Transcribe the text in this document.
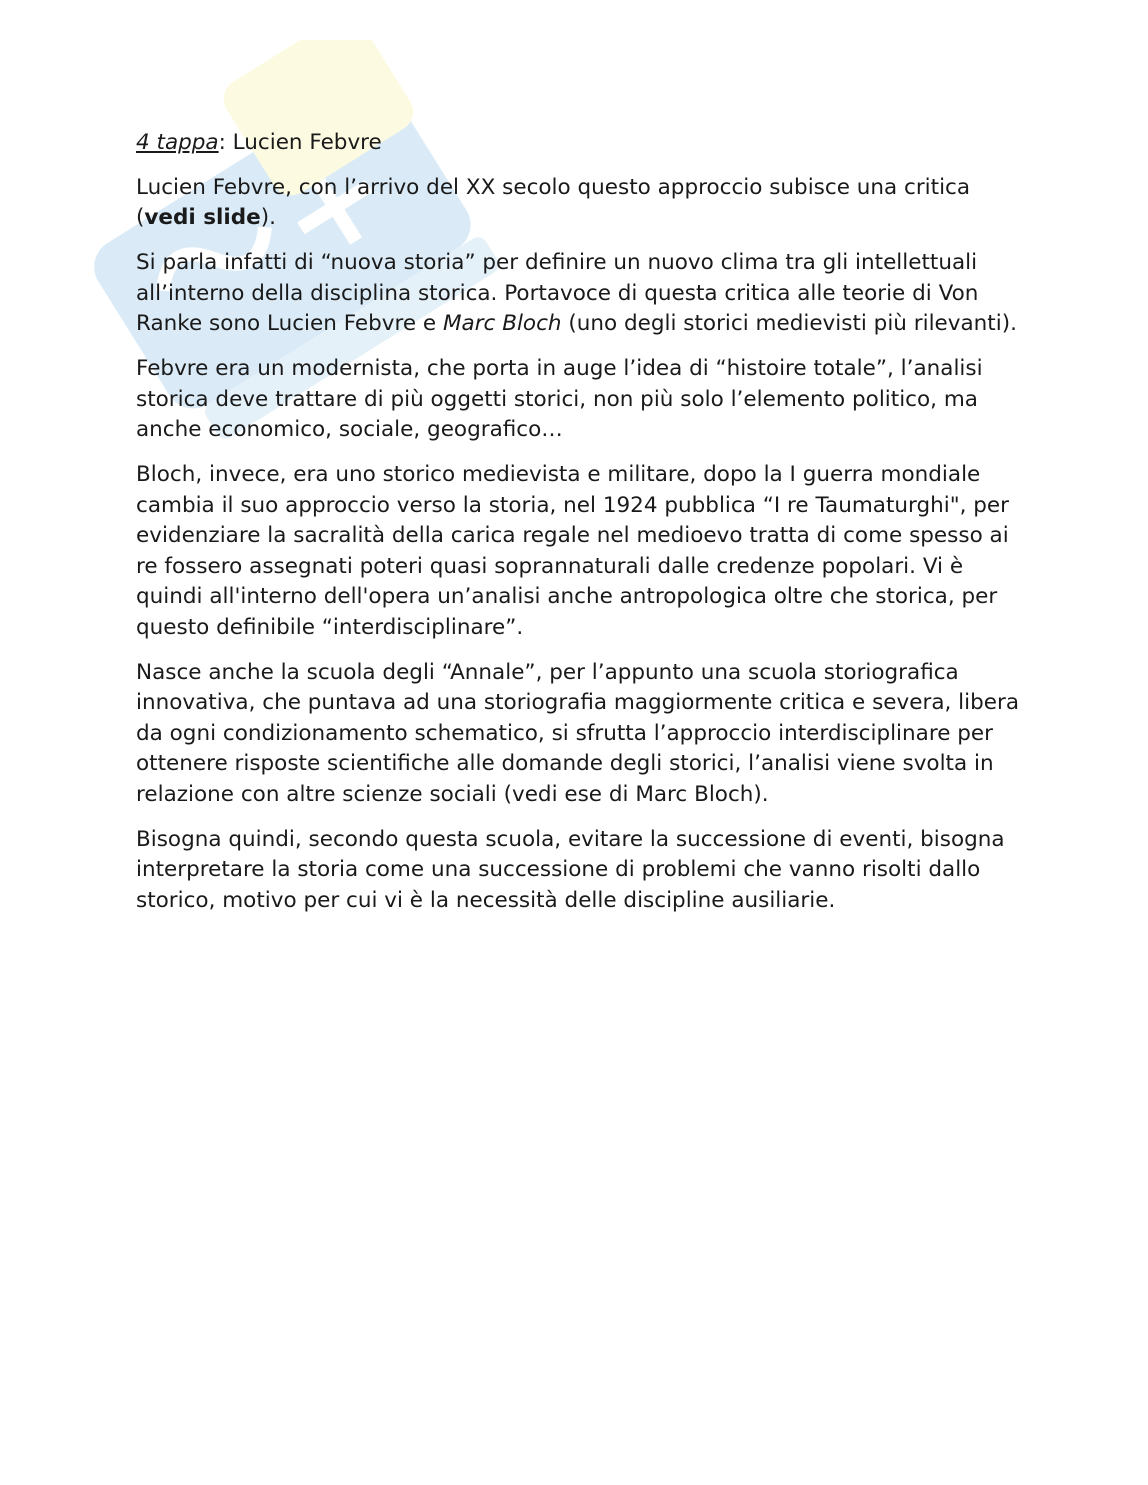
4 tappa: Lucien Febvre

Lucien Febvre, con l’arrivo del XX secolo questo approccio subisce una critica (vedi slide).

Si parla infatti di “nuova storia” per definire un nuovo clima tra gli intellettuali all’interno della disciplina storica. Portavoce di questa critica alle teorie di Von Ranke sono Lucien Febvre e Marc Bloch (uno degli storici medievisti più rilevanti).

Febvre era un modernista, che porta in auge l’idea di “histoire totale”, l’analisi storica deve trattare di più oggetti storici, non più solo l’elemento politico, ma anche economico, sociale, geografico…

Bloch, invece, era uno storico medievista e militare, dopo la I guerra mondiale cambia il suo approccio verso la storia, nel 1924 pubblica “I re Taumaturghi", per evidenziare la sacralità della carica regale nel medioevo tratta di come spesso ai re fossero assegnati poteri quasi soprannaturali dalle credenze popolari. Vi è quindi all'interno dell'opera un’analisi anche antropologica oltre che storica, per questo definibile “interdisciplinare”.

Nasce anche la scuola degli “Annale”, per l’appunto una scuola storiografica innovativa, che puntava ad una storiografia maggiormente critica e severa, libera da ogni condizionamento schematico, si sfrutta l’approccio interdisciplinare per ottenere risposte scientifiche alle domande degli storici, l’analisi viene svolta in relazione con altre scienze sociali (vedi ese di Marc Bloch).

Bisogna quindi, secondo questa scuola, evitare la successione di eventi, bisogna interpretare la storia come una successione di problemi che vanno risolti dallo storico, motivo per cui vi è la necessità delle discipline ausiliarie.
